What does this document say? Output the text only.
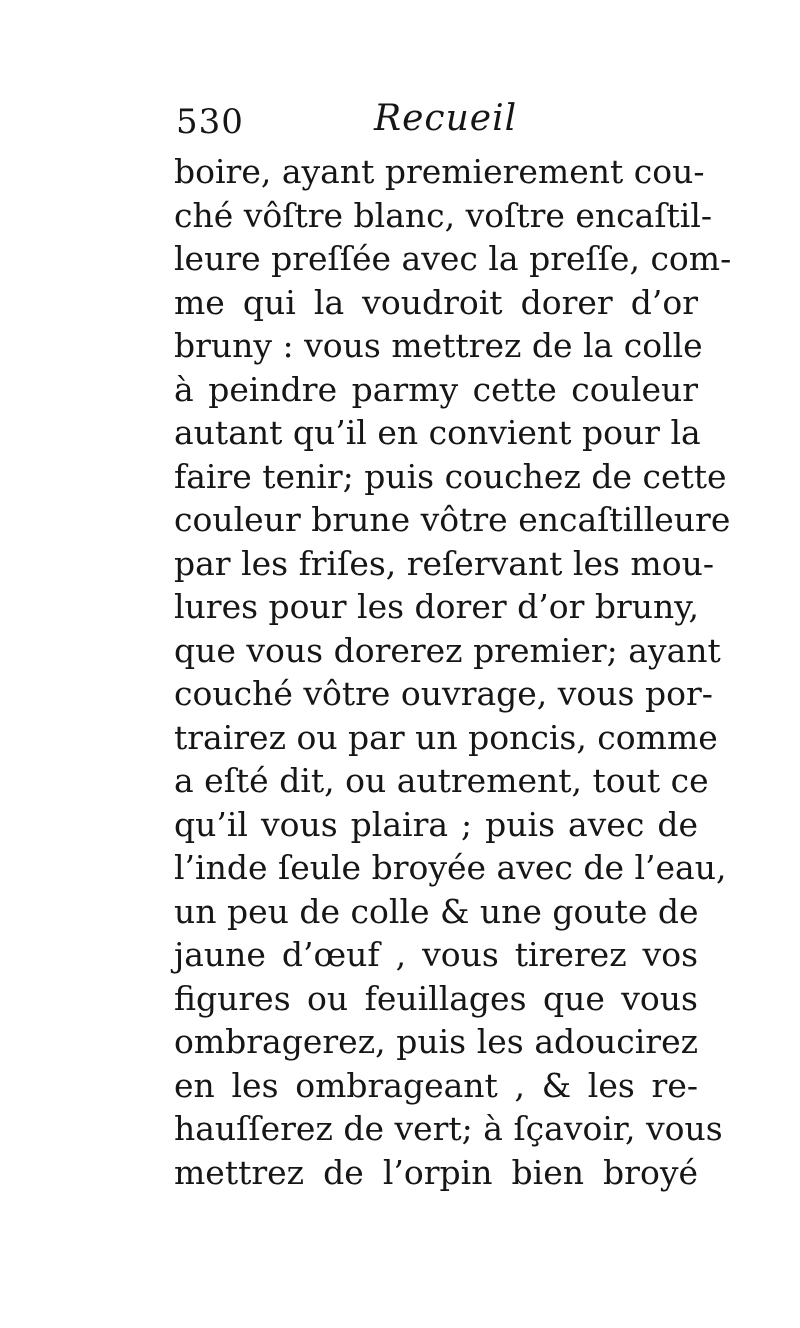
530	Recueil
boire, ayant premierement cou-
ché vôſtre blanc, voſtre encaſtil-
leure preſſée avec la preſſe, com-
me qui la voudroit dorer d’or
bruny : vous mettrez de la colle
à peindre parmy cette couleur
autant qu’il en convient pour la
faire tenir; puis couchez de cette
couleur brune vôtre encaſtilleure
par les friſes, reſervant les mou-
lures pour les dorer d’or bruny,
que vous dorerez premier; ayant
couché vôtre ouvrage, vous por-
trairez ou par un poncis, comme
a eſté dit, ou autrement, tout ce
qu’il vous plaira ; puis avec de
l’inde ſeule broyée avec de l’eau,
un peu de colle & une goute de
jaune d’œuf , vous tirerez vos
figures ou feuillages que vous
ombragerez, puis les adoucirez
en les ombrageant , & les re-
hauſſerez de vert; à ſçavoir, vous
mettrez de l’orpin bien broyé
